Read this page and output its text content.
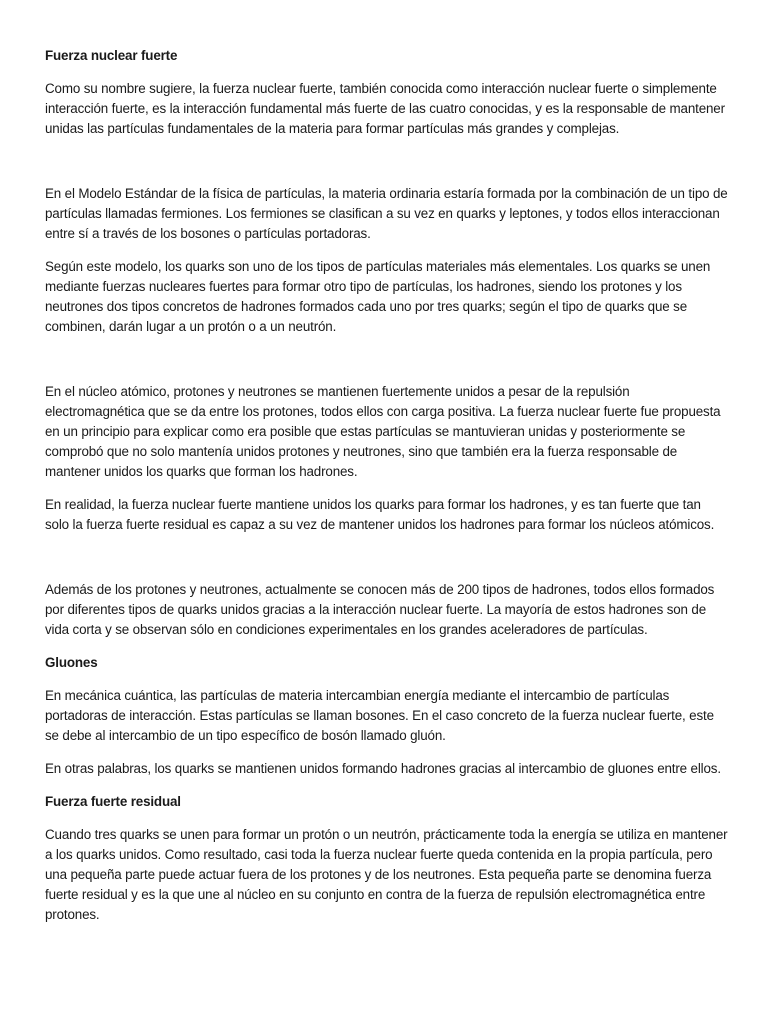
Fuerza nuclear fuerte

Como su nombre sugiere, la fuerza nuclear fuerte, también conocida como interacción nuclear fuerte o simplemente interacción fuerte, es la interacción fundamental más fuerte de las cuatro conocidas, y es la responsable de mantener unidas las partículas fundamentales de la materia para formar partículas más grandes y complejas.

En el Modelo Estándar de la física de partículas, la materia ordinaria estaría formada por la combinación de un tipo de partículas llamadas fermiones. Los fermiones se clasifican a su vez en quarks y leptones, y todos ellos interaccionan entre sí a través de los bosones o partículas portadoras.

Según este modelo, los quarks son uno de los tipos de partículas materiales más elementales. Los quarks se unen mediante fuerzas nucleares fuertes para formar otro tipo de partículas, los hadrones, siendo los protones y los neutrones dos tipos concretos de hadrones formados cada uno por tres quarks; según el tipo de quarks que se combinen, darán lugar a un protón o a un neutrón.

En el núcleo atómico, protones y neutrones se mantienen fuertemente unidos a pesar de la repulsión electromagnética que se da entre los protones, todos ellos con carga positiva. La fuerza nuclear fuerte fue propuesta en un principio para explicar como era posible que estas partículas se mantuvieran unidas y posteriormente se comprobó que no solo mantenía unidos protones y neutrones, sino que también era la fuerza responsable de mantener unidos los quarks que forman los hadrones.

En realidad, la fuerza nuclear fuerte mantiene unidos los quarks para formar los hadrones, y es tan fuerte que tan solo la fuerza fuerte residual es capaz a su vez de mantener unidos los hadrones para formar los núcleos atómicos.

Además de los protones y neutrones, actualmente se conocen más de 200 tipos de hadrones, todos ellos formados por diferentes tipos de quarks unidos gracias a la interacción nuclear fuerte. La mayoría de estos hadrones son de vida corta y se observan sólo en condiciones experimentales en los grandes aceleradores de partículas.

Gluones

En mecánica cuántica, las partículas de materia intercambian energía mediante el intercambio de partículas portadoras de interacción. Estas partículas se llaman bosones. En el caso concreto de la fuerza nuclear fuerte, este se debe al intercambio de un tipo específico de bosón llamado gluón.

En otras palabras, los quarks se mantienen unidos formando hadrones gracias al intercambio de gluones entre ellos.

Fuerza fuerte residual

Cuando tres quarks se unen para formar un protón o un neutrón, prácticamente toda la energía se utiliza en mantener a los quarks unidos. Como resultado, casi toda la fuerza nuclear fuerte queda contenida en la propia partícula, pero una pequeña parte puede actuar fuera de los protones y de los neutrones. Esta pequeña parte se denomina fuerza fuerte residual y es la que une al núcleo en su conjunto en contra de la fuerza de repulsión electromagnética entre protones.
